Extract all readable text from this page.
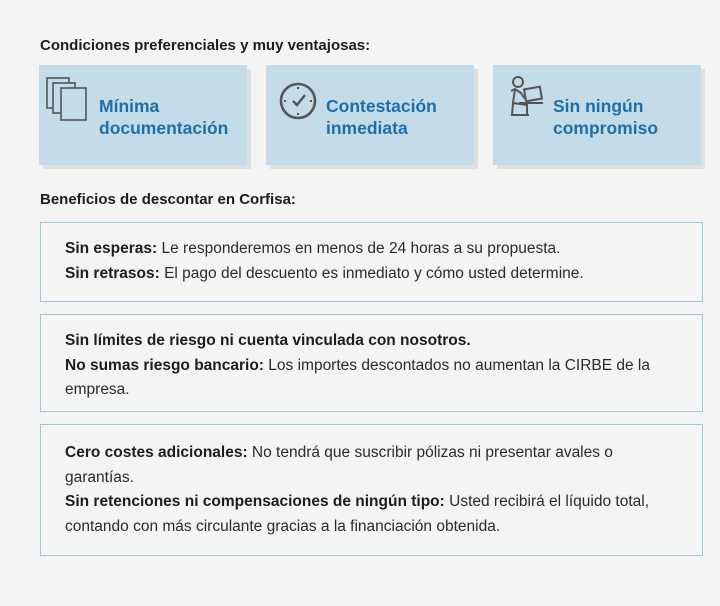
Condiciones preferenciales y muy ventajosas:
Mínima
documentación
Contestación
inmediata
Sin ningún
compromiso
Beneficios de descontar en Corfisa:

Sin esperas: Le responderemos en menos de 24 horas a su propuesta.

Sin retrasos: El pago del descuento es inmediato y cómo usted determine.

Sin límites de riesgo ni cuenta vinculada con nosotros.

No sumas riesgo bancario: Los importes descontados no aumentan la CIRBE de la empresa.

Cero costes adicionales: No tendrá que suscribir pólizas ni presentar avales o garantías.

Sin retenciones ni compensaciones de ningún tipo: Usted recibirá el líquido total, contando con más circulante gracias a la financiación obtenida.
